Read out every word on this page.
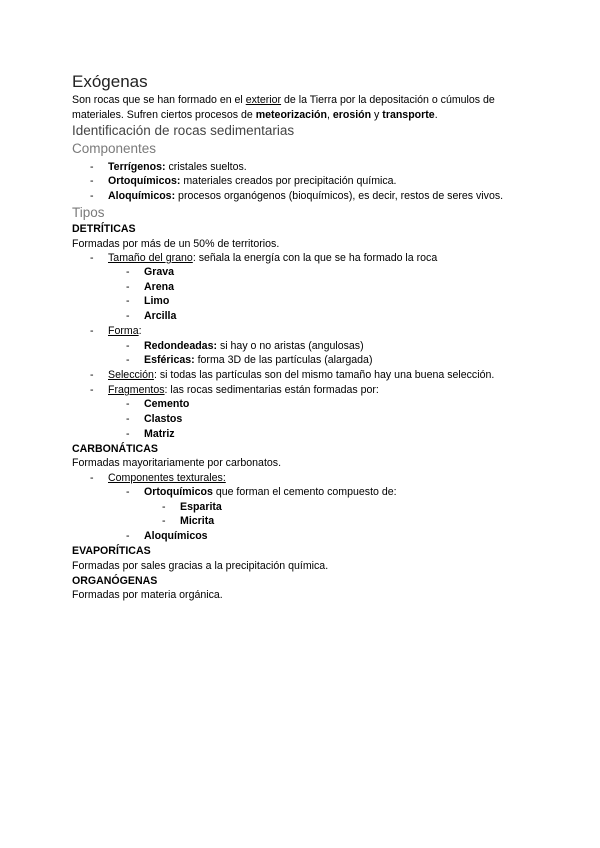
Exógenas
Son rocas que se han formado en el exterior de la Tierra por la depositación o cúmulos de
materiales. Sufren ciertos procesos de meteorización, erosión y transporte.
Identificación de rocas sedimentarias
Componentes
- Terrígenos: cristales sueltos.
- Ortoquímicos: materiales creados por precipitación química.
- Aloquímicos: procesos organógenos (bioquímicos), es decir, restos de seres vivos.
Tipos
DETRÍTICAS
Formadas por más de un 50% de territorios.
- Tamaño del grano: señala la energía con la que se ha formado la roca
- Grava
- Arena
- Limo
- Arcilla
- Forma:
- Redondeadas: si hay o no aristas (angulosas)
- Esféricas: forma 3D de las partículas (alargada)
- Selección: si todas las partículas son del mismo tamaño hay una buena selección.
- Fragmentos: las rocas sedimentarias están formadas por:
- Cemento
- Clastos
- Matriz
CARBONÁTICAS
Formadas mayoritariamente por carbonatos.
- Componentes texturales:
- Ortoquímicos que forman el cemento compuesto de:
- Esparita
- Micrita
- Aloquímicos
EVAPORÍTICAS
Formadas por sales gracias a la precipitación química.
ORGANÓGENAS
Formadas por materia orgánica.
